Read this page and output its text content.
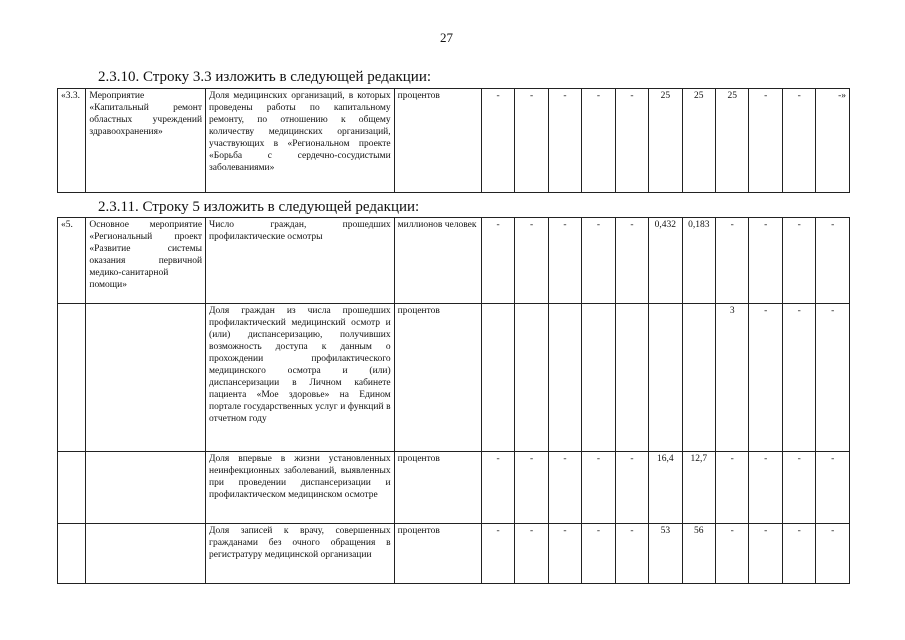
27
2.3.10. Строку 3.3 изложить в следующей редакции:
«3.3.	Мероприятие «Капитальный ремонт областных учреждений здравоохранения»	Доля медицинских организаций, в которых проведены работы по капитальному ремонту, по отношению к общему количеству медицинских организаций, участвующих в «Региональном проекте «Борьба с сердечно-сосудистыми заболеваниями»	процентов	-	-	-	-	-	25	25	25	-	-	-»
2.3.11. Строку 5 изложить в следующей редакции:
«5.	Основное мероприятие «Региональный проект «Развитие системы оказания первичной медико-санитарной помощи»	Число граждан, прошедших профилактические осмотры	миллионов человек	-	-	-	-	-	0,432	0,183	-	-	-	-
		Доля граждан из числа прошедших профилактический медицинский осмотр и (или) диспансеризацию, получивших возможность доступа к данным о прохождении профилактического медицинского осмотра и (или) диспансеризации в Личном кабинете пациента «Мое здоровье» на Едином портале государственных услуг и функций в отчетном году	процентов								3	-	-	-
		Доля впервые в жизни установленных неинфекционных заболеваний, выявленных при проведении диспансеризации и профилактическом медицинском осмотре	процентов	-	-	-	-	-	16,4	12,7	-	-	-	-
		Доля записей к врачу, совершенных гражданами без очного обращения в регистратуру медицинской организации	процентов	-	-	-	-	-	53	56	-	-	-	-
